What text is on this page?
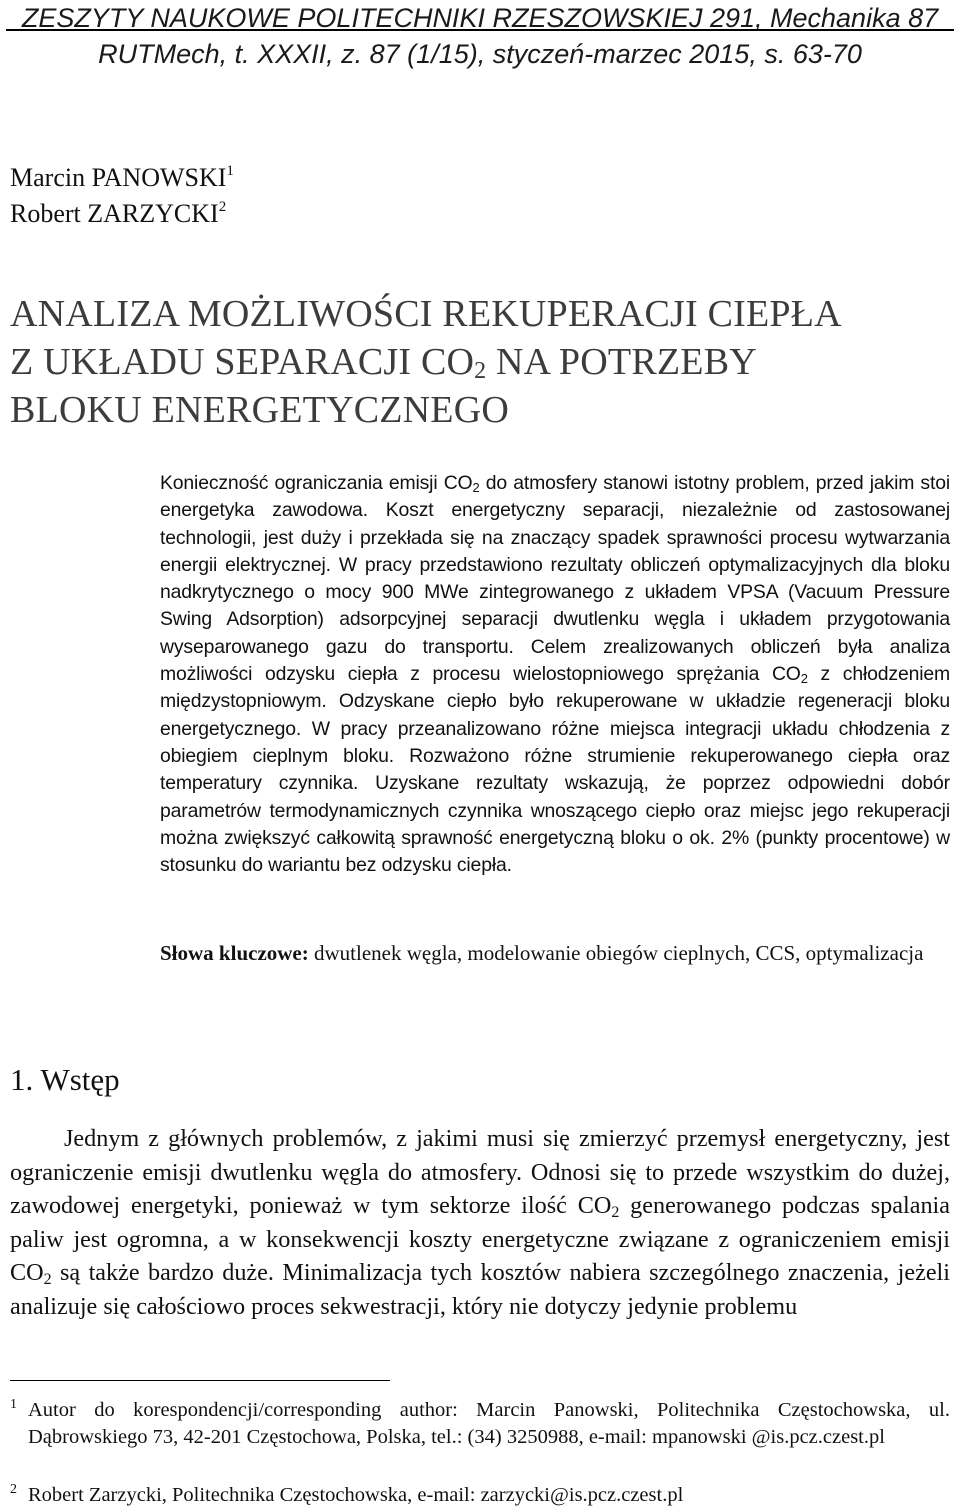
ZESZYTY NAUKOWE POLITECHNIKI RZESZOWSKIEJ 291, Mechanika 87
RUTMech, t. XXXII, z. 87 (1/15), styczeń-marzec 2015, s. 63-70
Marcin PANOWSKI$^1$
Robert ZARZYCKI$^2$
ANALIZA MOŻLIWOŚCI REKUPERACJI CIEPŁA
Z UKŁADU SEPARACJI $CO_2$ NA POTRZEBY
BLOKU ENERGETYCZNEGO
Konieczność ograniczania emisji $CO_2$ do atmosfery stanowi istotny problem, przed jakim stoi energetyka zawodowa. Koszt energetyczny separacji, niezależnie od zastosowanej technologii, jest duży i przekłada się na znaczący spadek sprawności procesu wytwarzania energii elektrycznej. W pracy przedstawiono rezultaty obliczeń optymalizacyjnych dla bloku nadkrytycznego o mocy 900 MWe zintegrowanego z układem VPSA (Vacuum Pressure Swing Adsorption) adsorpcyjnej separacji dwutlenku węgla i układem przygotowania wyseparowanego gazu do transportu. Celem zrealizowanych obliczeń była analiza możliwości odzysku ciepła z procesu wielostopniowego sprężania $CO_2$ z chłodzeniem międzystopniowym. Odzyskane ciepło było rekuperowane w układzie regeneracji bloku energetycznego. W pracy przeanalizowano różne miejsca integracji układu chłodzenia z obiegiem cieplnym bloku. Rozważono różne strumienie rekuperowanego ciepła oraz temperatury czynnika. Uzyskane rezultaty wskazują, że poprzez odpowiedni dobór parametrów termodynamicznych czynnika wnoszącego ciepło oraz miejsc jego rekuperacji można zwiększyć całkowitą sprawność energetyczną bloku o ok. 2% (punkty procentowe) w stosunku do wariantu bez odzysku ciepła.
Słowa kluczowe: dwutlenek węgla, modelowanie obiegów cieplnych, CCS, optymalizacja
1. Wstęp
Jednym z głównych problemów, z jakimi musi się zmierzyć przemysł energetyczny, jest ograniczenie emisji dwutlenku węgla do atmosfery. Odnosi się to przede wszystkim do dużej, zawodowej energetyki, ponieważ w tym sektorze ilość $CO_2$ generowanego podczas spalania paliw jest ogromna, a w konsekwencji koszty energetyczne związane z ograniczeniem emisji $CO_2$ są także bardzo duże. Minimalizacja tych kosztów nabiera szczególnego znaczenia, jeżeli analizuje się całościowo proces sekwestracji, który nie dotyczy jedynie problemu
1 Autor do korespondencji/corresponding author: Marcin Panowski, Politechnika Częstochowska, ul. Dąbrowskiego 73, 42-201 Częstochowa, Polska, tel.: (34) 3250988, e-mail: mpanowski @is.pcz.czest.pl
2 Robert Zarzycki, Politechnika Częstochowska, e-mail: zarzycki@is.pcz.czest.pl
